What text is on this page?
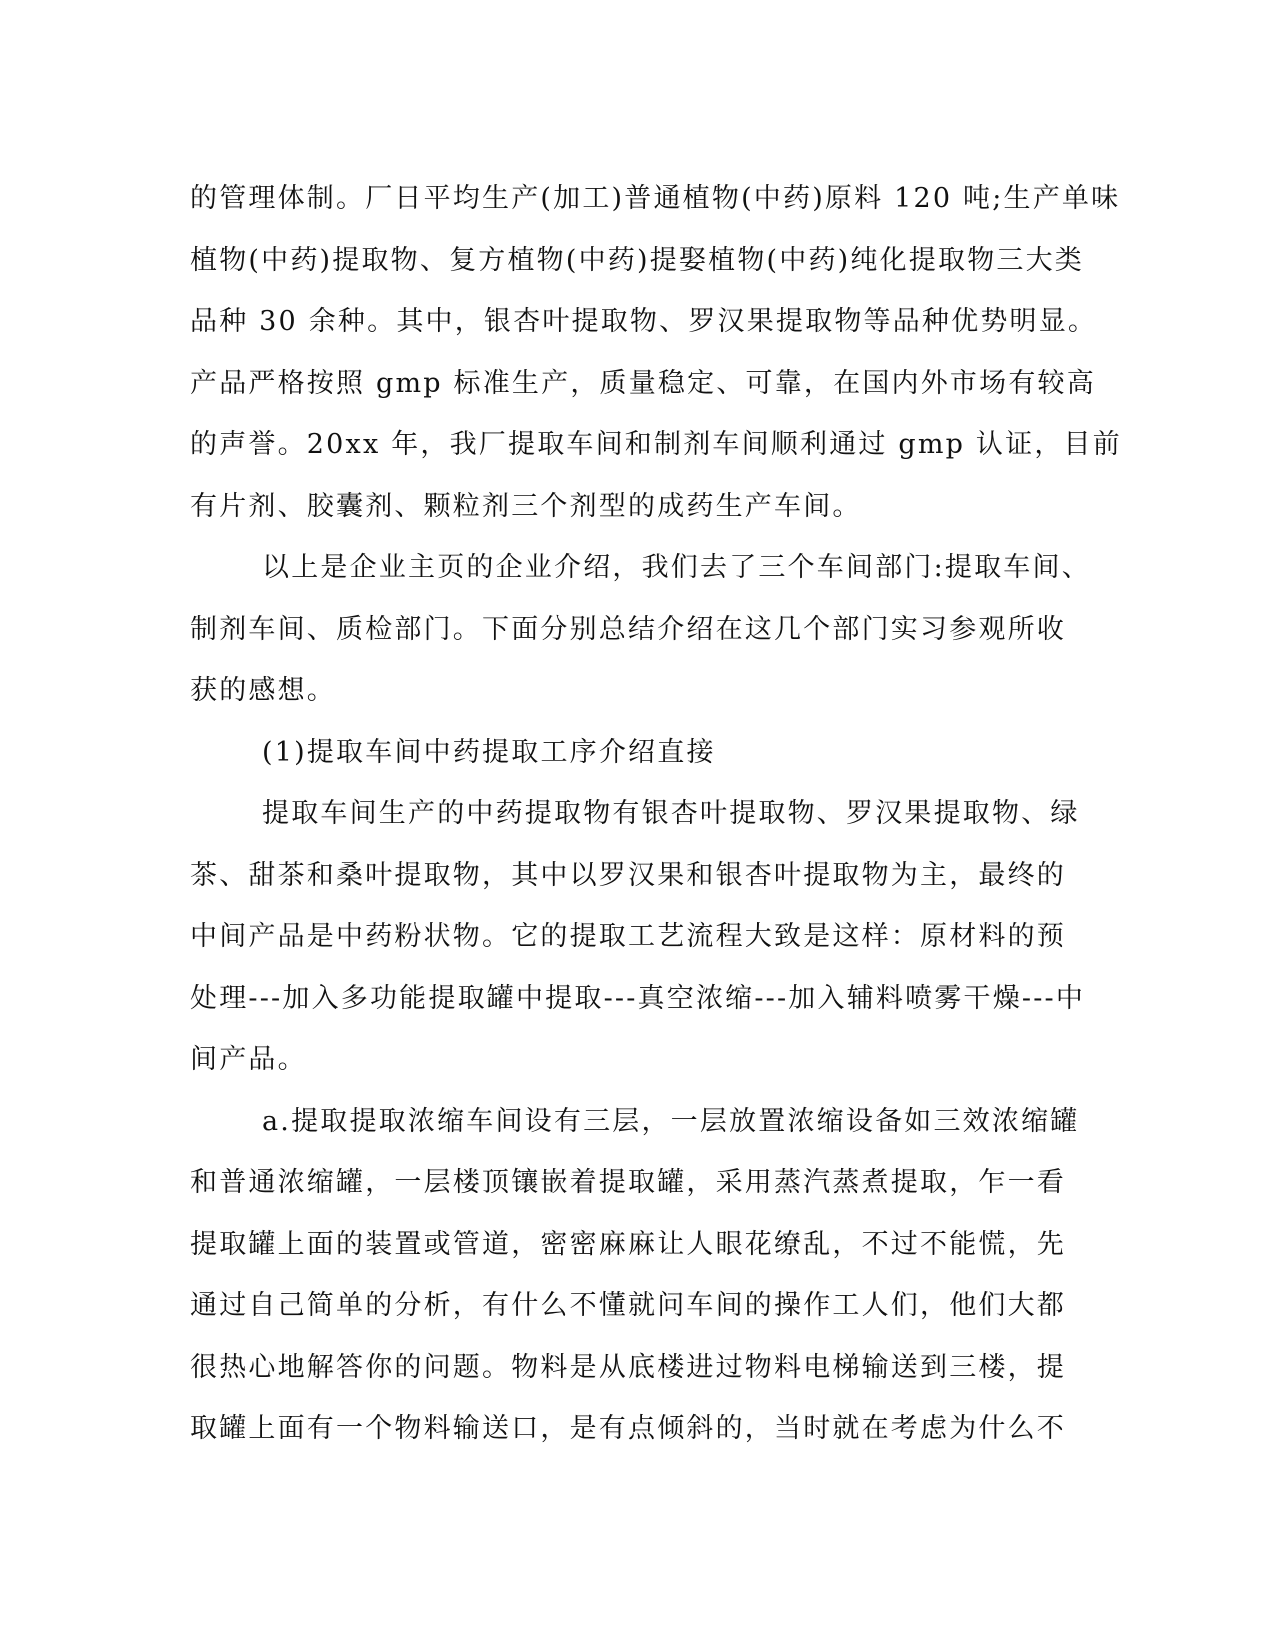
的管理体制。厂日平均生产(加工)普通植物(中药)原料 120 吨;生产单味
植物(中药)提取物、复方植物(中药)提娶植物(中药)纯化提取物三大类
品种 30 余种。其中，银杏叶提取物、罗汉果提取物等品种优势明显。
产品严格按照 gmp 标准生产，质量稳定、可靠，在国内外市场有较高
的声誉。20xx 年，我厂提取车间和制剂车间顺利通过 gmp 认证，目前
有片剂、胶囊剂、颗粒剂三个剂型的成药生产车间。
以上是企业主页的企业介绍，我们去了三个车间部门:提取车间、
制剂车间、质检部门。下面分别总结介绍在这几个部门实习参观所收
获的感想。
(1)提取车间中药提取工序介绍直接
提取车间生产的中药提取物有银杏叶提取物、罗汉果提取物、绿
茶、甜茶和桑叶提取物，其中以罗汉果和银杏叶提取物为主，最终的
中间产品是中药粉状物。它的提取工艺流程大致是这样：原材料的预
处理---加入多功能提取罐中提取---真空浓缩---加入辅料喷雾干燥---中
间产品。
a.提取提取浓缩车间设有三层，一层放置浓缩设备如三效浓缩罐
和普通浓缩罐，一层楼顶镶嵌着提取罐，采用蒸汽蒸煮提取，乍一看
提取罐上面的装置或管道，密密麻麻让人眼花缭乱，不过不能慌，先
通过自己简单的分析，有什么不懂就问车间的操作工人们，他们大都
很热心地解答你的问题。物料是从底楼进过物料电梯输送到三楼，提
取罐上面有一个物料输送口，是有点倾斜的，当时就在考虑为什么不
